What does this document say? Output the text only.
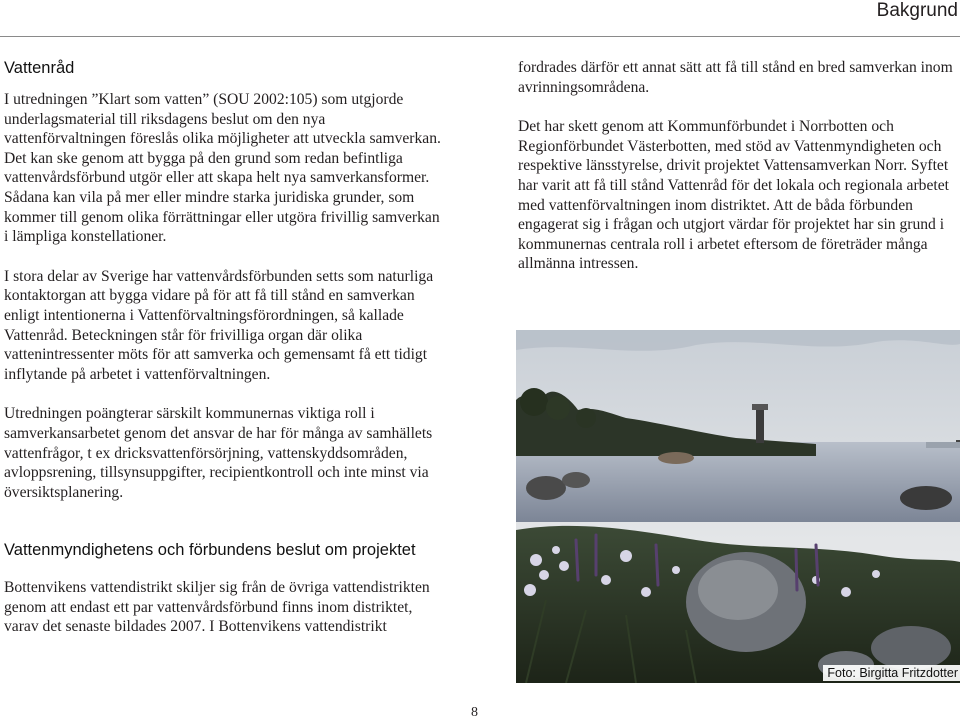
Bakgrund
Vattenråd

I utredningen ”Klart som vatten” (SOU 2002:105) som utgjorde underlagsmaterial till riksdagens beslut om den nya vattenförvaltningen föreslås olika möjligheter att utveckla samverkan. Det kan ske genom att bygga på den grund som redan befintliga vattenvårdsförbund utgör eller att skapa helt nya samverkansformer. Sådana kan vila på mer eller mindre starka juridiska grunder, som kommer till genom olika förrättningar eller utgöra frivillig samverkan i lämpliga konstellationer.

I stora delar av Sverige har vattenvårdsförbunden setts som naturliga kontaktorgan att bygga vidare på för att få till stånd en samverkan enligt intentionerna i Vattenförvaltningsförordningen, så kallade Vattenråd. Beteckningen står för frivilliga organ där olika vattenintressenter möts för att samverka och gemensamt få ett tidigt inflytande på arbetet i vattenförvaltningen.

Utredningen poängterar särskilt kommunernas viktiga roll i samverkansarbetet genom det ansvar de har för många av samhällets vattenfrågor, t ex dricksvattenförsörjning, vattenskyddsområden, avloppsrening, tillsynsuppgifter, recipientkontroll och inte minst via översiktsplanering.

Vattenmyndighetens och förbundens beslut om projektet

Bottenvikens vattendistrikt skiljer sig från de övriga vattendistrikten genom att endast ett par vattenvårdsförbund finns inom distriktet, varav det senaste bildades 2007. I Bottenvikens vattendistrikt

fordrades därför ett annat sätt att få till stånd en bred samverkan inom avrinningsområdena.

Det har skett genom att Kommunförbundet i Norrbotten och Regionförbundet Västerbotten, med stöd av Vattenmyndigheten och respektive länsstyrelse, drivit projektet Vattensamverkan Norr. Syftet har varit att få till stånd Vattenråd för det lokala och regionala arbetet med vattenförvaltningen inom distriktet. Att de båda förbunden engagerat sig i frågan och utgjort värdar för projektet har sin grund i kommunernas centrala roll i arbetet eftersom de företräder många allmänna intressen.

Foto: Birgitta Fritzdotter
8
